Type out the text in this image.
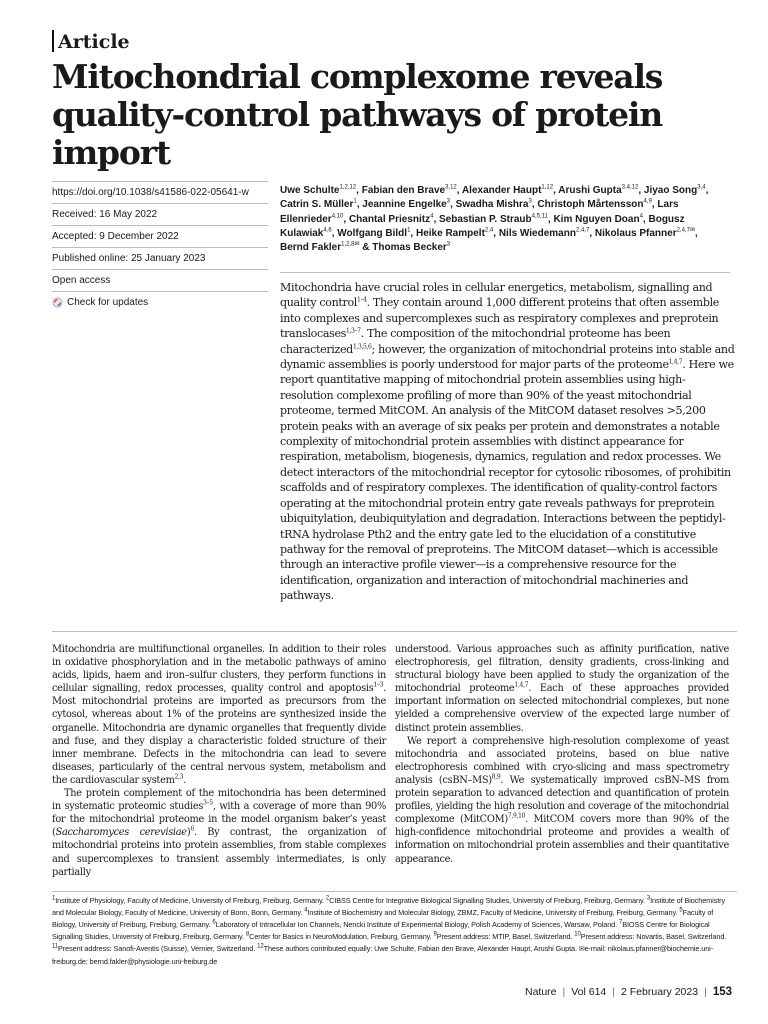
Article
Mitochondrial complexome reveals quality-control pathways of protein import
https://doi.org/10.1038/s41586-022-05641-w
Received: 16 May 2022
Accepted: 9 December 2022
Published online: 25 January 2023
Open access
Check for updates
Uwe Schulte$^{1,2,12}$, Fabian den Brave$^{3,12}$, Alexander Haupt$^{1,12}$, Arushi Gupta$^{3,4,12}$, Jiyao Song$^{3,4}$, Catrin S. Müller$^1$, Jeannine Engelke$^3$, Swadha Mishra$^3$, Christoph Mårtensson$^{4,9}$, Lars Ellenrieder$^{4,10}$, Chantal Priesnitz$^4$, Sebastian P. Straub$^{4,5,11}$, Kim Nguyen Doan$^4$, Bogusz Kulawiak$^{4,6}$, Wolfgang Bildl$^1$, Heike Rampelt$^{2,4}$, Nils Wiedemann$^{2,4,7}$, Nikolaus Pfanner$^{2,4,7✉}$, Bernd Fakler$^{1,2,8✉}$ & Thomas Becker$^3$
Mitochondria have crucial roles in cellular energetics, metabolism, signalling and quality control$^{1-4}$. They contain around 1,000 different proteins that often assemble into complexes and supercomplexes such as respiratory complexes and preprotein translocases$^{1,3-7}$. The composition of the mitochondrial proteome has been characterized$^{1,3,5,6}$; however, the organization of mitochondrial proteins into stable and dynamic assemblies is poorly understood for major parts of the proteome$^{1,4,7}$. Here we report quantitative mapping of mitochondrial protein assemblies using high-resolution complexome profiling of more than 90% of the yeast mitochondrial proteome, termed MitCOM. An analysis of the MitCOM dataset resolves >5,200 protein peaks with an average of six peaks per protein and demonstrates a notable complexity of mitochondrial protein assemblies with distinct appearance for respiration, metabolism, biogenesis, dynamics, regulation and redox processes. We detect interactors of the mitochondrial receptor for cytosolic ribosomes, of prohibitin scaffolds and of respiratory complexes. The identification of quality-control factors operating at the mitochondrial protein entry gate reveals pathways for preprotein ubiquitylation, deubiquitylation and degradation. Interactions between the peptidyl-tRNA hydrolase Pth2 and the entry gate led to the elucidation of a constitutive pathway for the removal of preproteins. The MitCOM dataset—which is accessible through an interactive profile viewer—is a comprehensive resource for the identification, organization and interaction of mitochondrial machineries and pathways.

Mitochondria are multifunctional organelles. In addition to their roles in oxidative phosphorylation and in the metabolic pathways of amino acids, lipids, haem and iron–sulfur clusters, they perform functions in cellular signalling, redox processes, quality control and apoptosis$^{1-3}$. Most mitochondrial proteins are imported as precursors from the cytosol, whereas about 1% of the proteins are synthesized inside the organelle. Mitochondria are dynamic organelles that frequently divide and fuse, and they display a characteristic folded structure of their inner membrane. Defects in the mitochondria can lead to severe diseases, particularly of the central nervous system, metabolism and the cardiovascular system$^{2,3}$.

The protein complement of the mitochondria has been determined in systematic proteomic studies$^{3-5}$, with a coverage of more than 90% for the mitochondrial proteome in the model organism baker’s yeast (Saccharomyces cerevisiae)$^6$. By contrast, the organization of mitochondrial proteins into protein assemblies, from stable complexes and supercomplexes to transient assembly intermediates, is only partially

understood. Various approaches such as affinity purification, native electrophoresis, gel filtration, density gradients, cross-linking and structural biology have been applied to study the organization of the mitochondrial proteome$^{1,4,7}$. Each of these approaches provided important information on selected mitochondrial complexes, but none yielded a comprehensive overview of the expected large number of distinct protein assemblies.

We report a comprehensive high-resolution complexome of yeast mitochondria and associated proteins, based on blue native electrophoresis combined with cryo-slicing and mass spectrometry analysis (csBN–MS)$^{8,9}$. We systematically improved csBN–MS from protein separation to advanced detection and quantification of protein profiles, yielding the high resolution and coverage of the mitochondrial complexome (MitCOM)$^{7,9,10}$. MitCOM covers more than 90% of the high-confidence mitochondrial proteome and provides a wealth of information on mitochondrial protein assemblies and their quantitative appearance.

$^1$Institute of Physiology, Faculty of Medicine, University of Freiburg, Freiburg, Germany. $^2$CIBSS Centre for Integrative Biological Signalling Studies, University of Freiburg, Freiburg, Germany. $^3$Institute of Biochemistry and Molecular Biology, Faculty of Medicine, University of Bonn, Bonn, Germany. $^4$Institute of Biochemistry and Molecular Biology, ZBMZ, Faculty of Medicine, University of Freiburg, Freiburg, Germany. $^5$Faculty of Biology, University of Freiburg, Freiburg, Germany. $^6$Laboratory of Intracellular Ion Channels, Nencki Institute of Experimental Biology, Polish Academy of Sciences, Warsaw, Poland. $^7$BIOSS Centre for Biological Signalling Studies, University of Freiburg, Freiburg, Germany. $^8$Center for Basics in NeuroModulation, Freiburg, Germany. $^9$Present address: MTIP, Basel, Switzerland. $^{10}$Present address: Novartis, Basel, Switzerland. $^{11}$Present address: Sanofi-Aventis (Suisse), Vernier, Switzerland. $^{12}$These authors contributed equally: Uwe Schulte, Fabian den Brave, Alexander Haupt, Arushi Gupta. ✉e-mail: nikolaus.pfanner@biochemie.uni-freiburg.de; bernd.fakler@physiologie.uni-freiburg.de
Nature | Vol 614 | 2 February 2023 | 153
